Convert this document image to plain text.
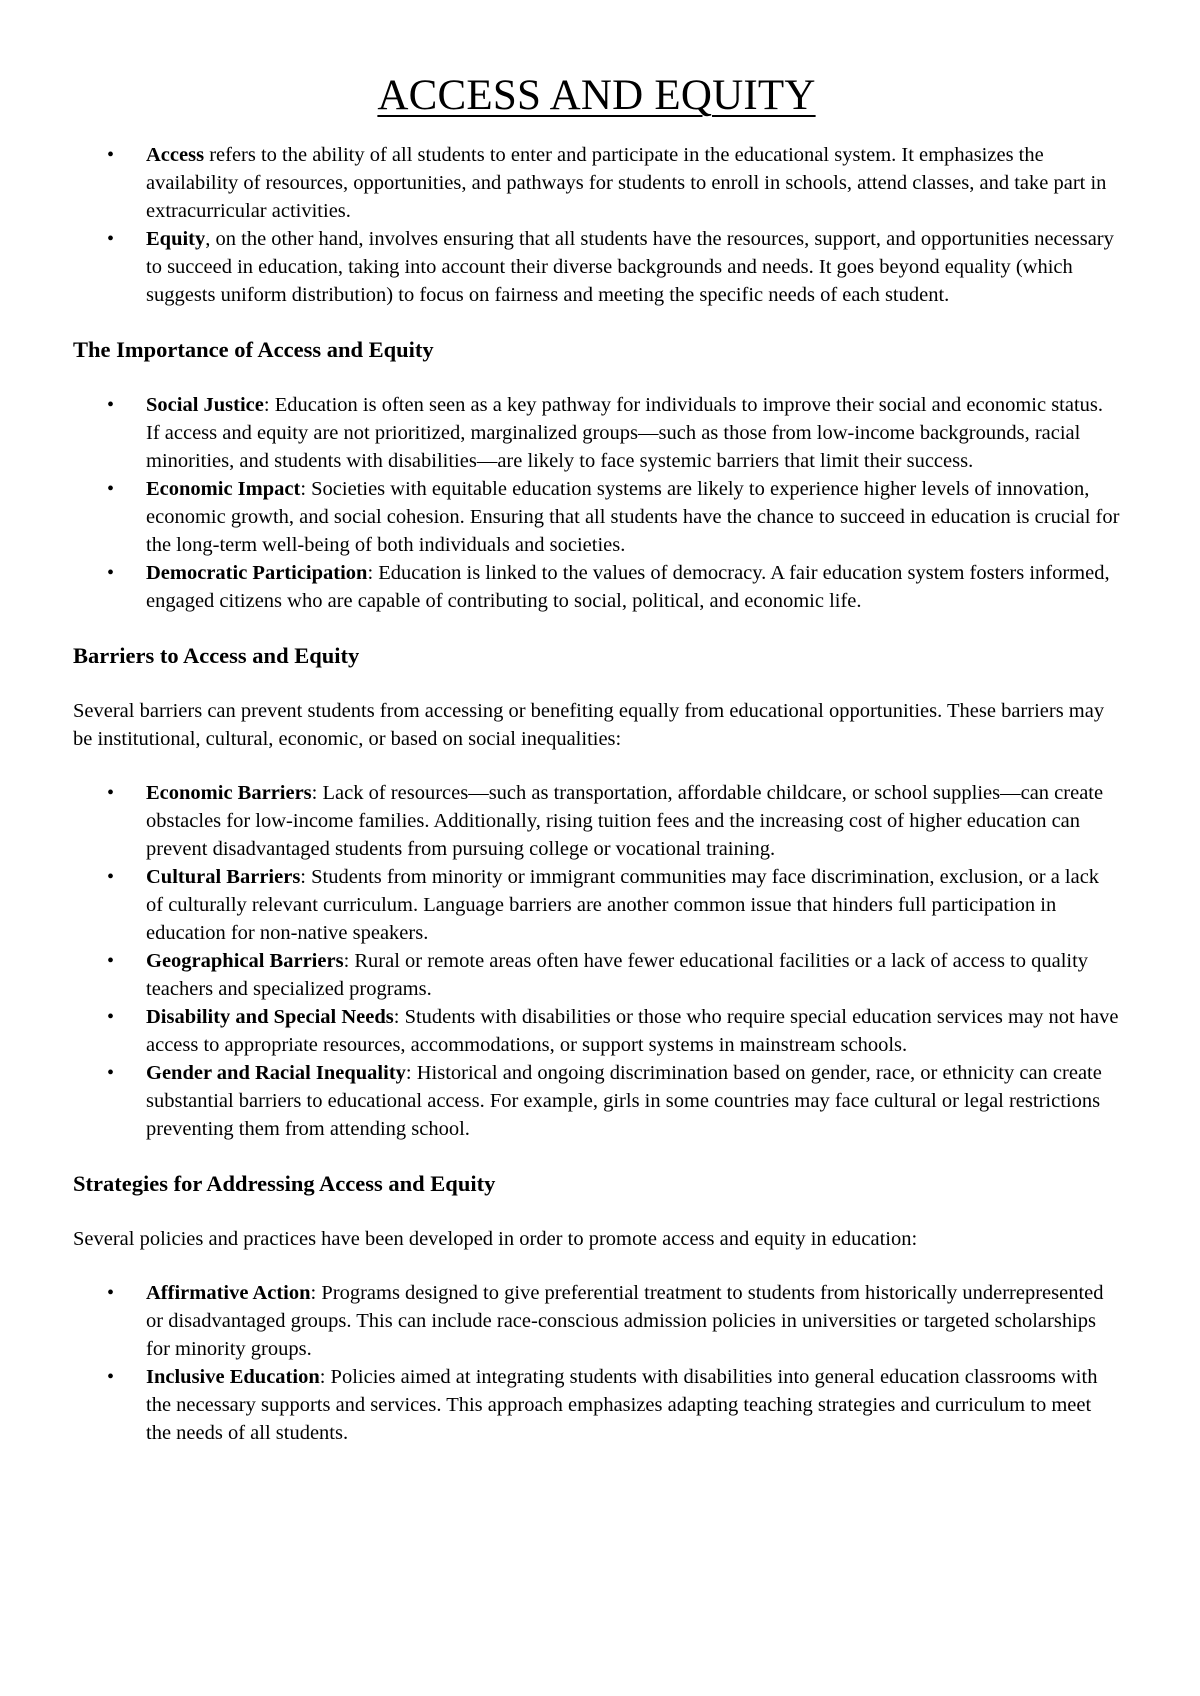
ACCESS AND EQUITY
• Access refers to the ability of all students to enter and participate in the educational system. It emphasizes the availability of resources, opportunities, and pathways for students to enroll in schools, attend classes, and take part in extracurricular activities.
• Equity, on the other hand, involves ensuring that all students have the resources, support, and opportunities necessary to succeed in education, taking into account their diverse backgrounds and needs. It goes beyond equality (which suggests uniform distribution) to focus on fairness and meeting the specific needs of each student.
The Importance of Access and Equity
• Social Justice: Education is often seen as a key pathway for individuals to improve their social and economic status. If access and equity are not prioritized, marginalized groups—such as those from low-income backgrounds, racial minorities, and students with disabilities—are likely to face systemic barriers that limit their success.
• Economic Impact: Societies with equitable education systems are likely to experience higher levels of innovation, economic growth, and social cohesion. Ensuring that all students have the chance to succeed in education is crucial for the long-term well-being of both individuals and societies.
• Democratic Participation: Education is linked to the values of democracy. A fair education system fosters informed, engaged citizens who are capable of contributing to social, political, and economic life.
Barriers to Access and Equity

Several barriers can prevent students from accessing or benefiting equally from educational opportunities. These barriers may be institutional, cultural, economic, or based on social inequalities:

• Economic Barriers: Lack of resources—such as transportation, affordable childcare, or school supplies—can create obstacles for low-income families. Additionally, rising tuition fees and the increasing cost of higher education can prevent disadvantaged students from pursuing college or vocational training.
• Cultural Barriers: Students from minority or immigrant communities may face discrimination, exclusion, or a lack of culturally relevant curriculum. Language barriers are another common issue that hinders full participation in education for non-native speakers.
• Geographical Barriers: Rural or remote areas often have fewer educational facilities or a lack of access to quality teachers and specialized programs.
• Disability and Special Needs: Students with disabilities or those who require special education services may not have access to appropriate resources, accommodations, or support systems in mainstream schools.
• Gender and Racial Inequality: Historical and ongoing discrimination based on gender, race, or ethnicity can create substantial barriers to educational access. For example, girls in some countries may face cultural or legal restrictions preventing them from attending school.
Strategies for Addressing Access and Equity

Several policies and practices have been developed in order to promote access and equity in education:

• Affirmative Action: Programs designed to give preferential treatment to students from historically underrepresented or disadvantaged groups. This can include race-conscious admission policies in universities or targeted scholarships for minority groups.
• Inclusive Education: Policies aimed at integrating students with disabilities into general education classrooms with the necessary supports and services. This approach emphasizes adapting teaching strategies and curriculum to meet the needs of all students.
